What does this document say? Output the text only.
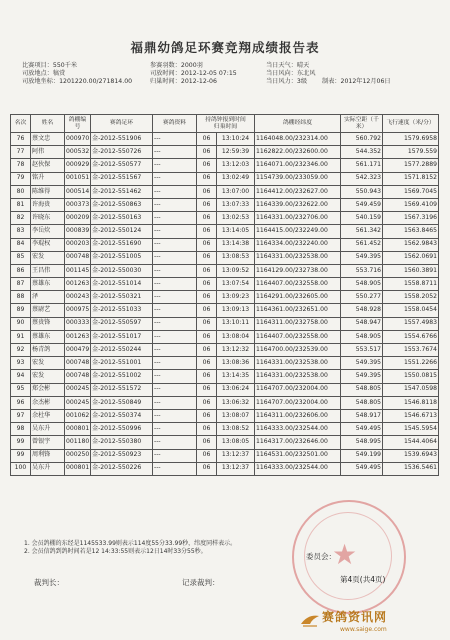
福鼎幼鸽足环赛竞翔成绩报告表
比赛项目：550千米
司放地点：犒赏
司放地坐标：1201220.00/271814.00
参赛羽数：2000羽
司放时间：2012-12-05 07:15
归巢时间：2012-12-06
当日天气：晴天
当日风向：东北风
当日风力：3级 制表：2012年12月06日
名次	姓名	鸽棚编号	赛鸽足环	赛鸽资料	持鸽钟报到时间
归巢时间		鸽棚经纬度	实际空距（千米）	飞行速度（米/分）
76	蔡文忠	000970	金-2012-551906	---	06	13:10:24	1164048.00/232314.00	560.792	1579.6958
77	阿伟	000532	金-2012-550726	---	06	12:59:39	1162822.00/232600.00	544.352	1579.559
78	赵伙保	000929	金-2012-550577	---	06	13:12:03	1164071.00/232346.00	561.171	1577.2889
79	铭升	001051	金-2012-551567	---	06	13:02:49	1154739.00/233059.00	542.323	1571.8152
80	陈维得	000514	金-2012-551462	---	06	13:07:00	1164412.00/232627.00	550.943	1569.7045
81	许海贵	000373	金-2012-550863	---	06	13:07:33	1164339.00/232622.00	549.459	1569.4109
82	许晓东	000209	金-2012-550163	---	06	13:02:53	1164331.00/232706.00	540.159	1567.3196
83	李岳炊	000839	金-2012-550124	---	06	13:14:05	1164415.00/232249.00	561.342	1563.8465
84	李琨权	000203	金-2012-551690	---	06	13:14:38	1164334.00/232240.00	561.452	1562.9843
85	宏发	000748	金-2012-551005	---	06	13:08:53	1164331.00/232538.00	549.395	1562.0691
86	王昌伟	001145	金-2012-550030	---	06	13:09:52	1164129.00/232738.00	553.716	1560.3891
87	蔡雄东	001263	金-2012-551014	---	06	13:07:54	1164407.00/232558.00	548.905	1558.8711
88	泽	000243	金-2012-550321	---	06	13:09:23	1164291.00/232605.00	550.277	1558.2052
89	蔡尉艺	000975	金-2012-551033	---	06	13:09:13	1164361.00/232651.00	548.928	1558.0454
90	蔡贵锋	000333	金-2012-550597	---	06	13:10:11	1164311.00/232758.00	548.947	1557.4983
91	蔡雄东	001263	金-2012-551017	---	06	13:08:04	1164407.00/232558.00	548.905	1554.6766
92	杨青鸽	000479	金-2012-550244	---	06	13:12:32	1164700.00/232539.00	553.517	1553.7674
93	宏发	000748	金-2012-551001	---	06	13:08:36	1164331.00/232538.00	549.395	1551.2266
94	宏发	000748	金-2012-551002	---	06	13:14:35	1164331.00/232538.00	549.395	1550.0815
95	郑会彬	000245	金-2012-551572	---	06	13:06:24	1164707.00/232004.00	548.805	1547.0598
96	余杰彬	000245	金-2012-550849	---	06	13:06:32	1164707.00/232004.00	548.805	1546.8118
97	余杜华	001062	金-2012-550374	---	06	13:08:07	1164311.00/232606.00	548.917	1546.6713
98	吴东升	000801	金-2012-550996	---	06	13:08:52	1164333.00/232544.00	549.495	1545.5954
99	曾银宇	001180	金-2012-550380	---	06	13:08:05	1164317.00/232646.00	548.995	1544.4064
99	周利锋	000250	金-2012-550923	---	06	13:12:37	1164531.00/232501.00	549.199	1539.6943
100	吴东升	000801	金-2012-550226	---	06	13:12:37	1164333.00/232544.00	549.495	1536.5461
1. 会员鸽棚的东经是1145533.99则表示114度55分33.99秒，纬度同样表示。
2. 会员信鸽到鸽时间若是12 14:33:55则表示12日14时33分55秒。
裁判长：	记录裁判：
委员会：
★
第4页(共4页)
赛鸽资讯网
www.saige.com
